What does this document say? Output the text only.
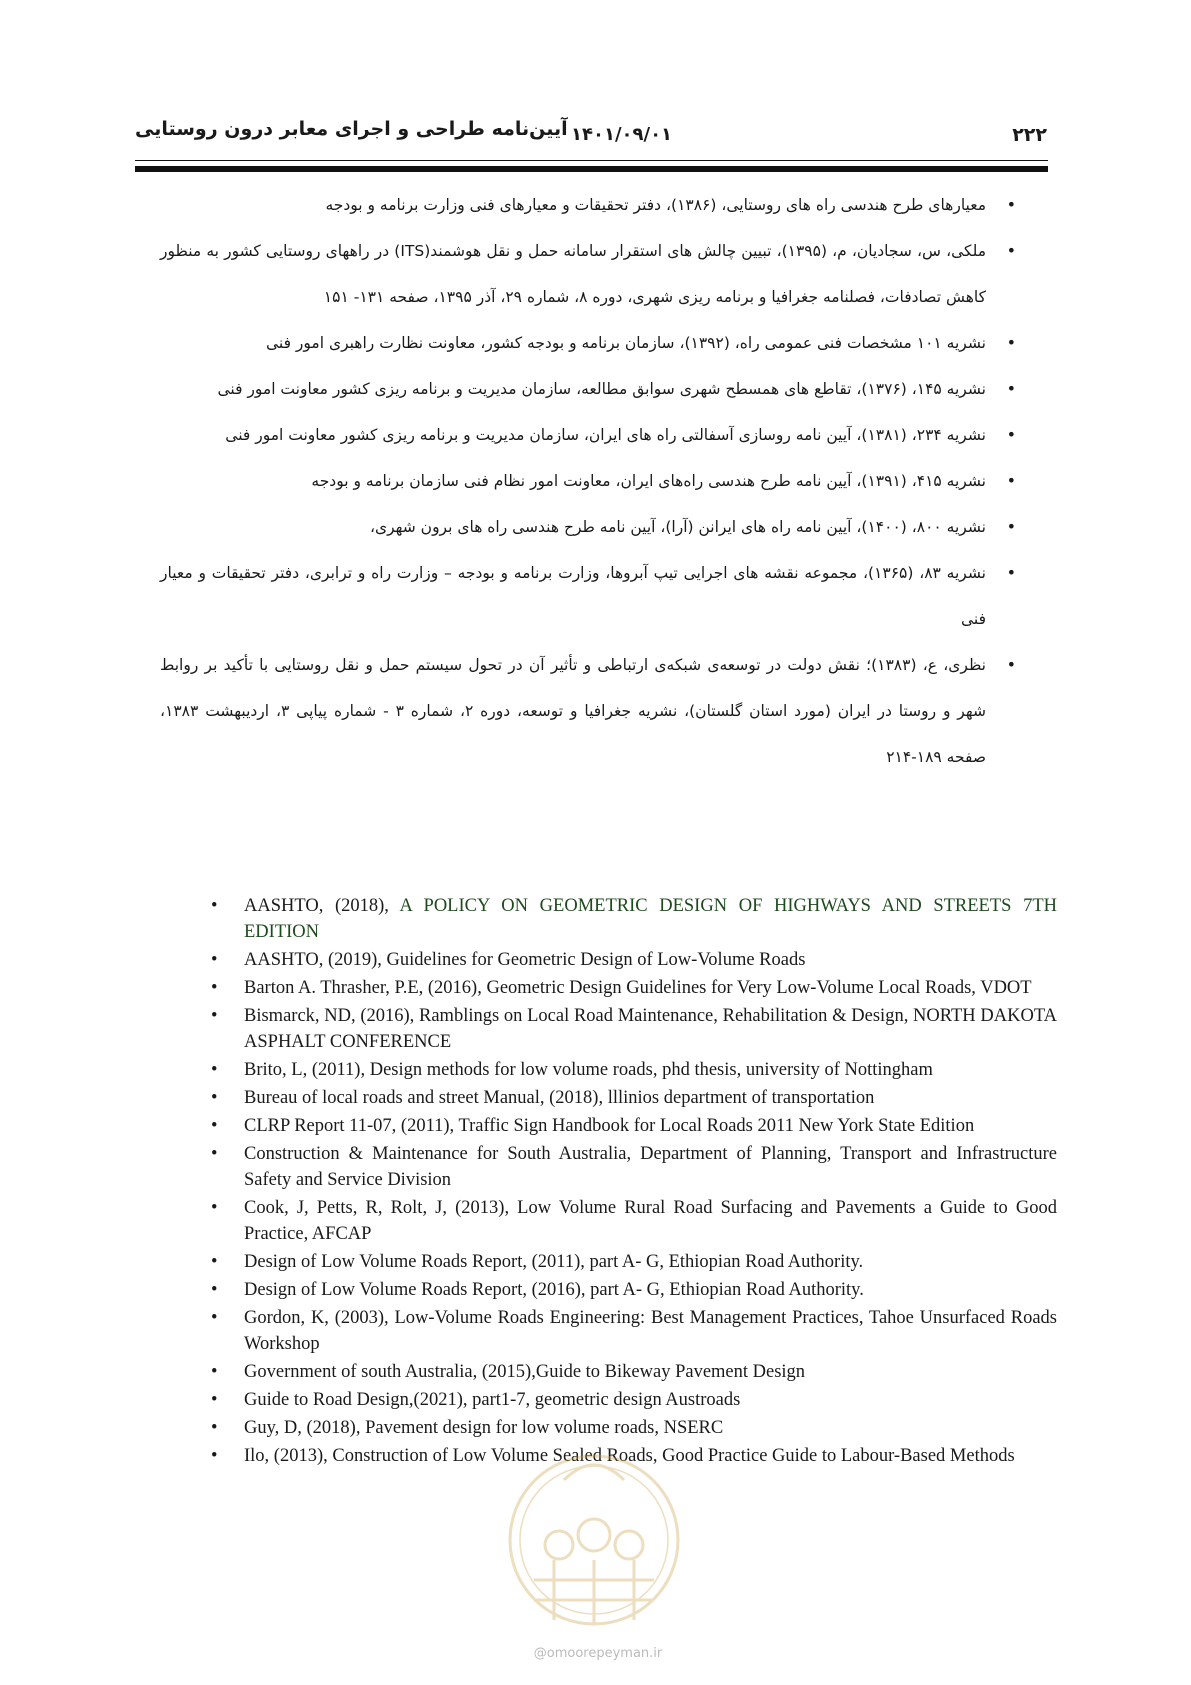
۲۲۲
۱۴۰۱/۰۹/۰۱
آیین‌نامه طراحی و اجرای معابر درون روستایی
•
معیارهای طرح هندسی راه های روستایی، (۱۳۸۶)، دفتر تحقیقات و معیارهای فنی وزارت برنامه و بودجه
•
ملکی، س، سجادیان، م، (۱۳۹۵)، تبیین چالش های استقرار سامانه حمل و نقل هوشمند(ITS) در راههای روستایی کشور به منظور کاهش تصادفات، فصلنامه جغرافیا و برنامه ریزی شهری، دوره ۸، شماره ۲۹، آذر ۱۳۹۵، صفحه ۱۳۱- ۱۵۱
•
نشریه ۱۰۱ مشخصات فنی عمومی راه، (۱۳۹۲)، سازمان برنامه و بودجه کشور، معاونت نظارت راهبری امور فنی
•
نشریه ۱۴۵، (۱۳۷۶)، تقاطع های همسطح شهری سوابق مطالعه، سازمان مدیریت و برنامه ریزی کشور معاونت امور فنی
•
نشریه ۲۳۴، (۱۳۸۱)، آیین نامه روسازی آسفالتی راه های ایران، سازمان مدیریت و برنامه ریزی کشور معاونت امور فنی
•
نشریه ۴۱۵، (۱۳۹۱)، آیین نامه طرح هندسی راه‌های ایران، معاونت امور نظام فنی سازمان برنامه و بودجه
•
نشریه ۸۰۰، (۱۴۰۰)، آیین نامه راه های ایرانن (آرا)، آیین نامه طرح هندسی راه های برون شهری،
•
نشریه ۸۳، (۱۳۶۵)، مجموعه نقشه های اجرایی تیپ آبروها، وزارت برنامه و بودجه – وزارت راه و ترابری، دفتر تحقیقات و معیار فنی
•
نظری، ع، (۱۳۸۳)؛ نقش دولت در توسعه‌ی شبکه‌ی ارتباطی و تأثیر آن در تحول سیستم حمل و نقل روستایی با تأکید بر روابط شهر و روستا در ایران (مورد استان گلستان)، نشریه جغرافیا و توسعه، دوره ۲، شماره ۳ - شماره پیاپی ۳، اردیبهشت ۱۳۸۳، صفحه ۱۸۹-۲۱۴
• AASHTO, (2018), A POLICY ON GEOMETRIC DESIGN OF HIGHWAYS AND STREETS 7TH EDITION
• AASHTO, (2019), Guidelines for Geometric Design of Low-Volume Roads
• Barton A. Thrasher, P.E, (2016), Geometric Design Guidelines for Very Low-Volume Local Roads, VDOT
• Bismarck, ND, (2016), Ramblings on Local Road Maintenance, Rehabilitation & Design, NORTH DAKOTA ASPHALT CONFERENCE
• Brito, L, (2011), Design methods for low volume roads, phd thesis, university of Nottingham
• Bureau of local roads and street Manual, (2018), lllinios department of transportation
• CLRP Report 11-07, (2011), Traffic Sign Handbook for Local Roads 2011 New York State Edition
• Construction & Maintenance for South Australia, Department of Planning, Transport and Infrastructure Safety and Service Division
• Cook, J, Petts, R, Rolt, J, (2013), Low Volume Rural Road Surfacing and Pavements a Guide to Good Practice, AFCAP
• Design of Low Volume Roads Report, (2011), part A- G, Ethiopian Road Authority.
• Design of Low Volume Roads Report, (2016), part A- G, Ethiopian Road Authority.
• Gordon, K, (2003), Low-Volume Roads Engineering: Best Management Practices, Tahoe Unsurfaced Roads Workshop
• Government of south Australia, (2015),Guide to Bikeway Pavement Design
• Guide to Road Design,(2021), part1-7, geometric design Austroads
• Guy, D, (2018), Pavement design for low volume roads, NSERC
• Ilo, (2013), Construction of Low Volume Sealed Roads, Good Practice Guide to Labour-Based Methods
@omoorepeyman.ir
